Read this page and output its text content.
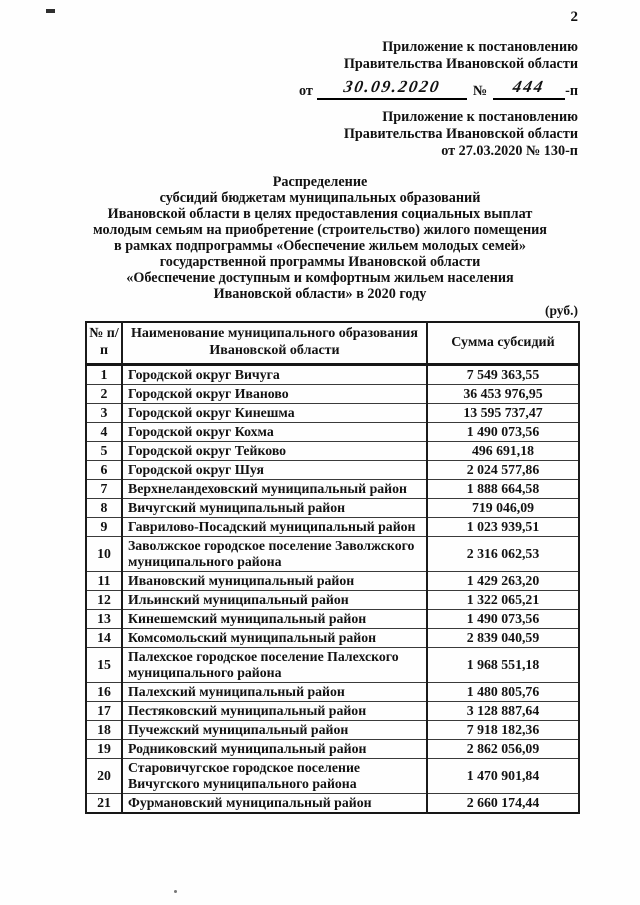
2
Приложение к постановлению
Правительства Ивановской области
от 30.09.2020 № 444 -п
Приложение к постановлению
Правительства Ивановской области
от 27.03.2020 № 130-п
Распределение
субсидий бюджетам муниципальных образований
Ивановской области в целях предоставления социальных выплат
молодым семьям на приобретение (строительство) жилого помещения
в рамках подпрограммы «Обеспечение жильем молодых семей»
государственной программы Ивановской области
«Обеспечение доступным и комфортным жильем населения
Ивановской области» в 2020 году
(руб.)
№ п/п	Наименование муниципального образования Ивановской области	Сумма субсидий
1	Городской округ Вичуга	7 549 363,55
2	Городской округ Иваново	36 453 976,95
3	Городской округ Кинешма	13 595 737,47
4	Городской округ Кохма	1 490 073,56
5	Городской округ Тейково	496 691,18
6	Городской округ Шуя	2 024 577,86
7	Верхнеландеховский муниципальный район	1 888 664,58
8	Вичугский муниципальный район	719 046,09
9	Гаврилово-Посадский муниципальный район	1 023 939,51
10	Заволжское городское поселение Заволжского муниципального района	2 316 062,53
11	Ивановский муниципальный район	1 429 263,20
12	Ильинский муниципальный район	1 322 065,21
13	Кинешемский муниципальный район	1 490 073,56
14	Комсомольский муниципальный район	2 839 040,59
15	Палехское городское поселение Палехского муниципального района	1 968 551,18
16	Палехский муниципальный район	1 480 805,76
17	Пестяковский муниципальный район	3 128 887,64
18	Пучежский муниципальный район	7 918 182,36
19	Родниковский муниципальный район	2 862 056,09
20	Старовичугское городское поселение Вичугского муниципального района	1 470 901,84
21	Фурмановский муниципальный район	2 660 174,44
